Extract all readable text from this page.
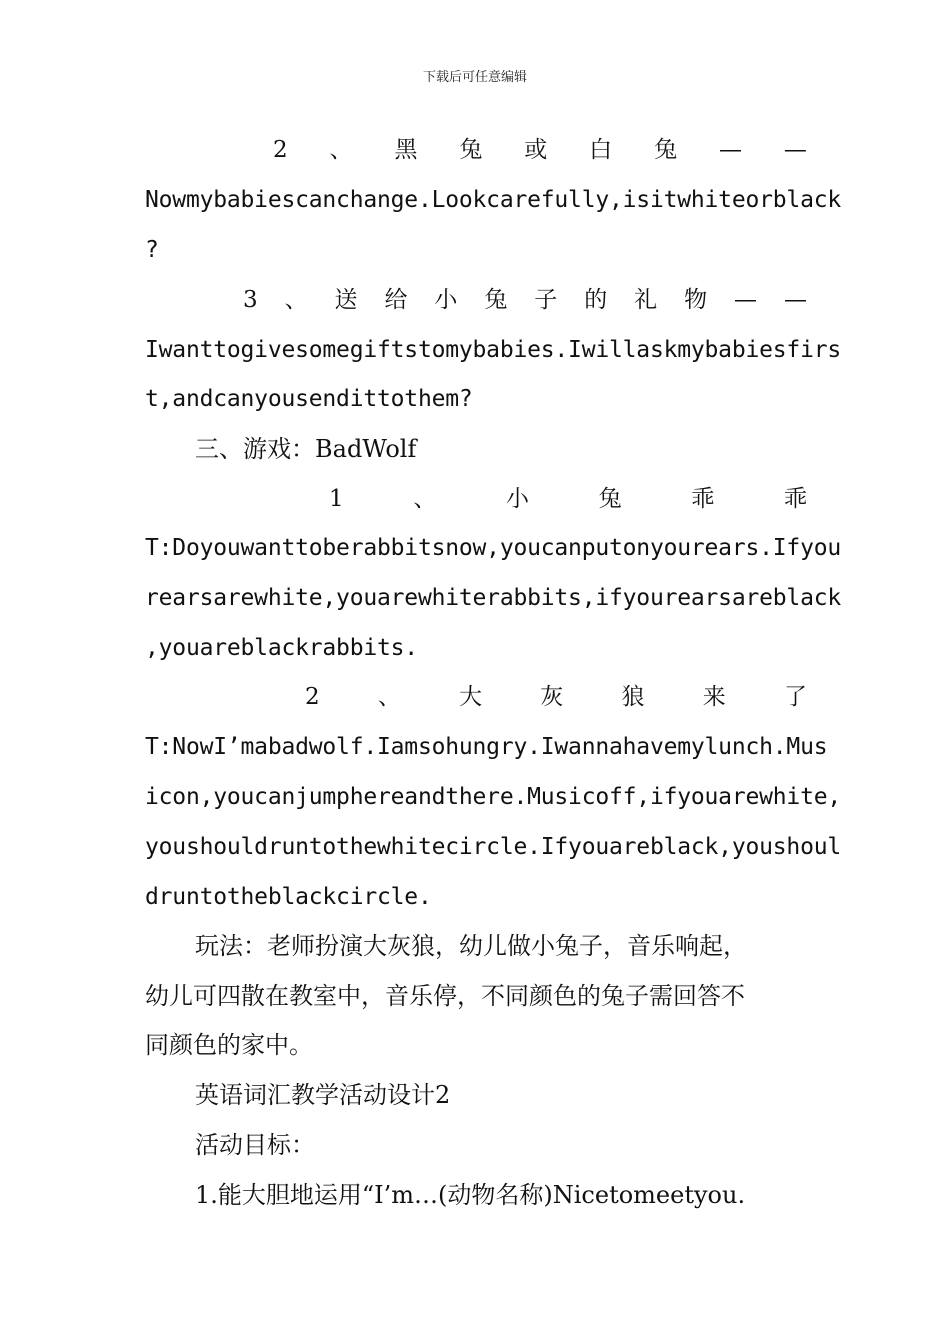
下载后可任意编辑
2 、 黑 兔 或 白 兔 — —
Nowmybabiescanchange.Lookcarefully,isitwhiteorblack
?
3 、 送 给 小 兔 子 的 礼 物 — —
Iwanttogivesomegiftstomybabies.Iwillaskmybabiesfirs
t,andcanyousendittothem?
三、游戏：BadWolf
1	、	小	兔	乖	乖
T:Doyouwanttoberabbitsnow,youcanputonyourears.Ifyou
rearsarewhite,youarewhiterabbits,ifyourearsareblack
,youareblackrabbits.
2	、	大	灰	狼	来	了
T:NowI’mabadwolf.Iamsohungry.Iwannahavemylunch.Mus
icon,youcanjumphereandthere.Musicoff,ifyouarewhite,
youshouldruntothewhitecircle.Ifyouareblack,youshoul
druntotheblackcircle.
玩法：老师扮演大灰狼，幼儿做小兔子，音乐响起，
幼儿可四散在教室中，音乐停，不同颜色的兔子需回答不
同颜色的家中。
英语词汇教学活动设计2
活动目标：
1.能大胆地运用“I’m…(动物名称)Nicetomeetyou.
